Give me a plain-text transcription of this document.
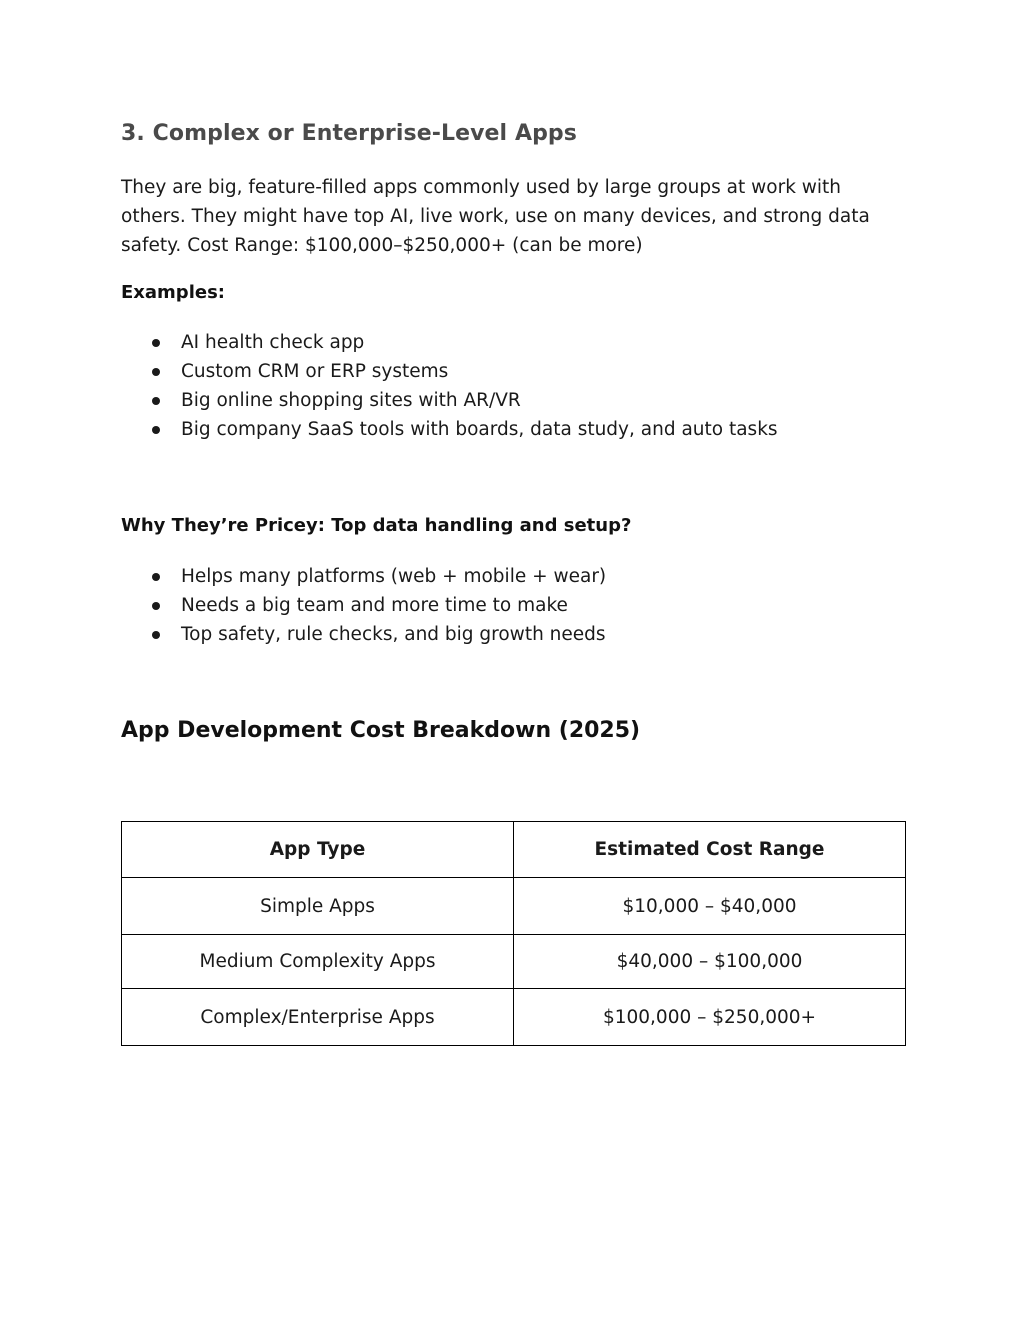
3. Complex or Enterprise-Level Apps

They are big, feature-filled apps commonly used by large groups at work with
others. They might have top AI, live work, use on many devices, and strong data
safety. Cost Range: $100,000–$250,000+ (can be more)

Examples:

AI health check app
Custom CRM or ERP systems
Big online shopping sites with AR/VR
Big company SaaS tools with boards, data study, and auto tasks

Why They’re Pricey: Top data handling and setup?

Helps many platforms (web + mobile + wear)
Needs a big team and more time to make
Top safety, rule checks, and big growth needs
App Development Cost Breakdown (2025)
App Type	Estimated Cost Range
Simple Apps	$10,000 – $40,000
Medium Complexity Apps	$40,000 – $100,000
Complex/Enterprise Apps	$100,000 – $250,000+
